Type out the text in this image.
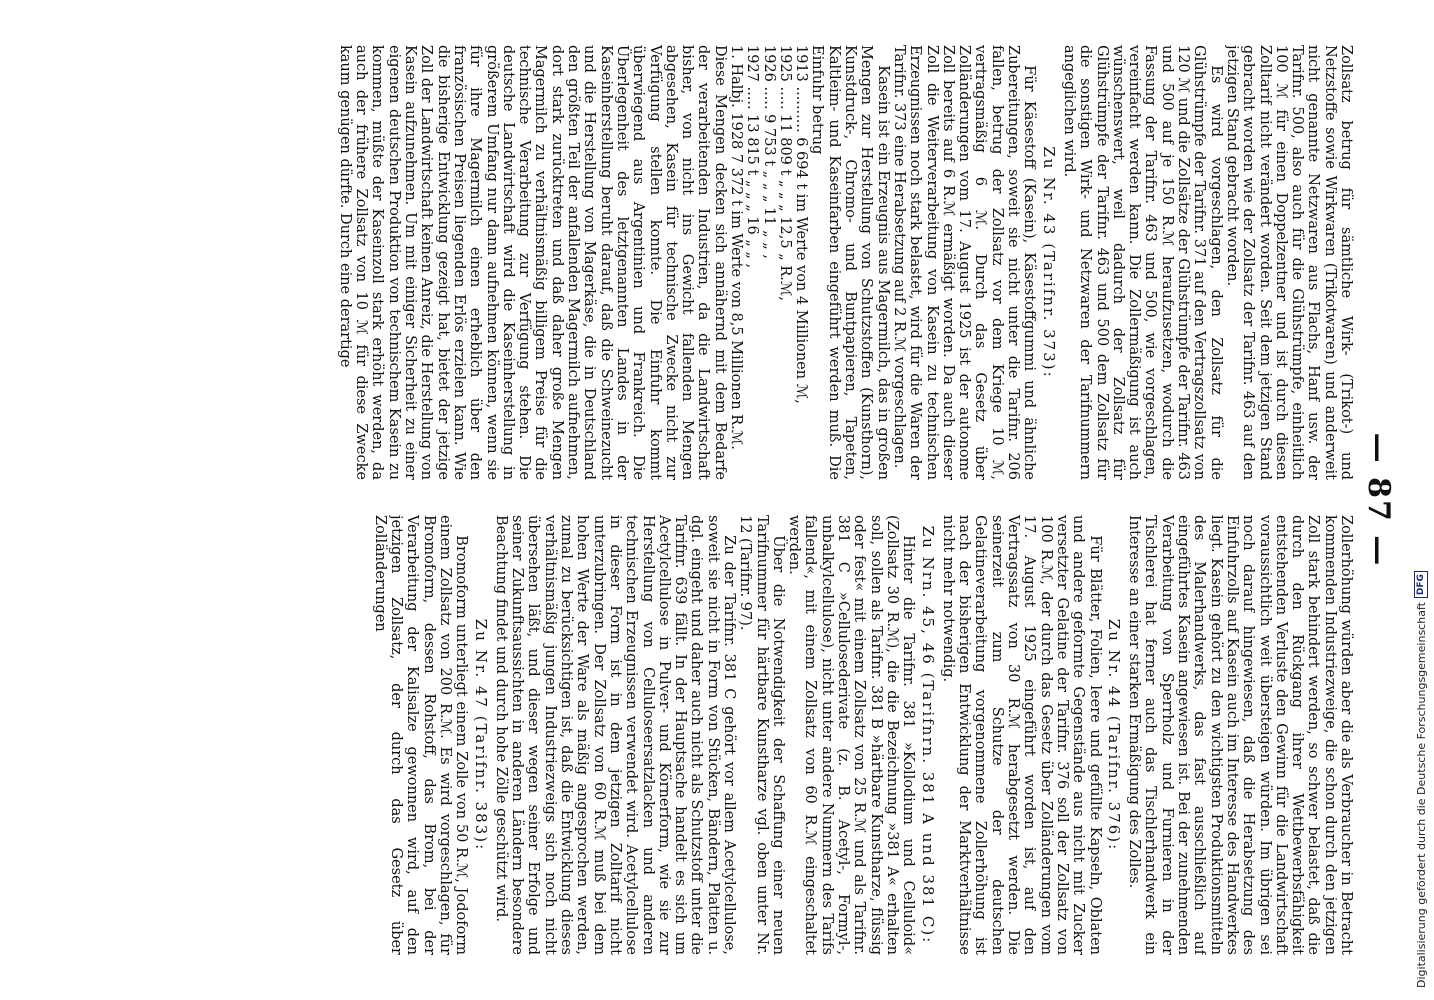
— 87 —

Zollsatz betrug für sämtliche Wirk- (Trikot-) und Netzstoffe sowie Wirkwaren (Trikotwaren) und anderweit nicht genannte Netzwaren aus Flachs, Hanf usw. der Tarifnr. 500, also auch für die Glühstrümpfe, einheitlich 100 ℳ für einen Doppelzentner und ist durch diesen Zolltarif nicht verändert worden. Seit dem jetzigen Stand gebracht worden wie der Zollsatz der Tarifnr. 463 auf den jetzigen Stand gebracht worden.

Es wird vorgeschlagen, den Zollsatz für die Glühstrümpfe der Tarifnr. 371 auf den Vertragszollsatz von 120 ℳ und die Zollsätze der Glühstrümpfe der Tarifnr. 463 und 500 auf je 150 R.ℳ heraufzusetzen, wodurch die Fassung der Tarifnr. 463 und 500, wie vorgeschlagen, vereinfacht werden kann. Die Zollermäßigung ist auch wünschenswert, weil dadurch der Zollsatz für Glühstrümpfe der Tarifnr. 463 und 500 dem Zollsatz für die sonstigen Wirk- und Netzwaren der Tarifnummern angeglichen wird.

Zu Nr. 43 (Tarifnr. 373):

Für Käsestoff (Kasein), Käsestoffgummi und ähnliche Zubereitungen, soweit sie nicht unter die Tarifnr. 206 fallen, betrug der Zollsatz vor dem Kriege 10 ℳ, vertragsmäßig 6 ℳ. Durch das Gesetz über Zolländerungen vom 17. August 1925 ist der autonome Zoll bereits auf 6 R.ℳ ermäßigt worden. Da auch dieser Zoll die Weiterverarbeitung von Kasein zu technischen Erzeugnissen noch stark belastet, wird für die Waren der Tarifnr. 373 eine Herabsetzung auf 2 R.ℳ vorgeschlagen.

Kasein ist ein Erzeugnis aus Magermilch, das in großen Mengen zur Herstellung von Schutzstoffen (Kunsthorn), Kunstdruck-, Chromo- und Buntpapieren, Tapeten, Kaltleim- und Kaseinfarben eingeführt werden muß. Die Einfuhr betrug

1913 .......... 6 694 t im Werte von 4 Millionen ℳ,
1925 ..... 11 809 t „ „ „ 12,5 „ R.ℳ,
1926 ..... 9 753 t „ „ „ 11 „ „ ,
1927 ..... 13 815 t „ „ „ 16 „ „ ,
1. Halbj. 1928 7 372 t im Werte von 8,5 Millionen R.ℳ.

Diese Mengen decken sich annähernd mit dem Bedarfe der verarbeitenden Industrien, da die Landwirtschaft bisher, von nicht ins Gewicht fallenden Mengen abgesehen, Kasein für technische Zwecke nicht zur Verfügung stellen konnte. Die Einfuhr kommt überwiegend aus Argentinien und Frankreich. Die Überlegenheit des letztgenannten Landes in der Kaseinherstellung beruht darauf, daß die Schweinezucht und die Herstellung von Magerkäse, die in Deutschland den größten Teil der anfallenden Magermilch aufnehmen, dort stark zurücktreten und daß daher große Mengen Magermilch zu verhältnismäßig billigem Preise für die technische Verarbeitung zur Verfügung stehen. Die deutsche Landwirtschaft wird die Kaseinherstellung in größerem Umfang nur dann aufnehmen können, wenn sie für ihre Magermilch einen erheblich über den französischen Preisen liegenden Erlös erzielen kann. Wie die bisherige Entwicklung gezeigt hat, bietet der jetzige Zoll der Landwirtschaft keinen Anreiz, die Herstellung von Kasein aufzunehmen. Um mit einiger Sicherheit zu einer eigenen deutschen Produktion von technischem Kasein zu kommen, müßte der Kaseinzoll stark erhöht werden, da auch der frühere Zollsatz von 10 ℳ für diese Zwecke kaum genügen dürfte. Durch eine derartige

Zollerhöhung würden aber die als Verbraucher in Betracht kommenden Industriezweige, die schon durch den jetzigen Zoll stark behindert werden, so schwer belastet, daß die durch den Rückgang ihrer Wettbewerbsfähigkeit entstehenden Verluste den Gewinn für die Landwirtschaft voraussichtlich weit übersteigen würden. Im übrigen sei noch darauf hingewiesen, daß die Herabsetzung des Einfuhrzolls auf Kasein auch im Interesse des Handwerkes liegt. Kasein gehört zu den wichtigsten Produktionsmitteln des Malerhandwerks, das fast ausschließlich auf eingeführtes Kasein angewiesen ist. Bei der zunehmenden Verarbeitung von Sperrholz und Furnieren in der Tischlerei hat ferner auch das Tischlerhandwerk ein Interesse an einer starken Ermäßigung des Zolles.

Zu Nr. 44 (Tarifnr. 376):

Für Blätter, Folien, leere und gefüllte Kapseln, Oblaten und andere geformte Gegenstände aus nicht mit Zucker versetzter Gelatine der Tarifnr. 376 soll der Zollsatz von 100 R.ℳ, der durch das Gesetz über Zolländerungen vom 17. August 1925 eingeführt worden ist, auf den Vertragssatz von 30 R.ℳ herabgesetzt werden. Die seinerzeit zum Schutze der deutschen Gelatineverarbeitung vorgenommene Zollerhöhung ist nach der bisherigen Entwicklung der Marktverhältnisse nicht mehr notwendig.

Zu Nrn. 45, 46 (Tarifnrn. 381 A und 381 C):

Hinter die Tarifnr. 381 »Kollodium und Celluloid« (Zollsatz 30 R.ℳ), die die Bezeichnung »381 A« erhalten soll, sollen als Tarifnr. 381 B »härtbare Kunstharze, flüssig oder fest« mit einem Zollsatz von 25 R.ℳ und als Tarifnr. 381 C »Cellulosederivate (z. B. Acetyl-, Formyl-, unbalkylcellulose), nicht unter andere Nummern des Tarifs fallend«, mit einem Zollsatz von 60 R.ℳ eingeschaltet werden.

Über die Notwendigkeit der Schaffung einer neuen Tarifnummer für härtbare Kunstharze vgl. oben unter Nr. 12 (Tarifnr. 97).

Zu der Tarifnr. 381 C gehört vor allem Acetylcellulose, soweit sie nicht in Form von Stücken, Bändern, Platten u. dgl. eingeht und daher auch nicht als Schutzstoff unter die Tarifnr. 639 fällt. In der Hauptsache handelt es sich um Acetylcellulose in Pulver- und Körnerform, wie sie zur Herstellung von Celluloseersatzlacken und anderen technischen Erzeugnissen verwendet wird. Acetylcellulose in dieser Form ist in dem jetzigen Zolltarif nicht unterzubringen. Der Zollsatz von 60 R.ℳ muß bei dem hohen Werte der Ware als mäßig angesprochen werden, zumal zu berücksichtigen ist, daß die Entwicklung dieses verhältnismäßig jungen Industriezweigs sich noch nicht übersehen läßt, und dieser wegen seiner Erfolge und seiner Zukunftsaussichten in anderen Ländern besondere Beachtung findet und durch hohe Zölle geschützt wird.

Zu Nr. 47 (Tarifnr. 383):

Bromoform unterliegt einem Zolle von 50 R.ℳ, Jodoform einem Zollsatz von 200 R.ℳ. Es wird vorgeschlagen, für Bromoform, dessen Rohstoff, das Brom, bei der Verarbeitung der Kalisalze gewonnen wird, auf den jetzigen Zollsatz, der durch das Gesetz über Zolländerungen

Digitalisierung gefördert durch die Deutsche Forschungsgemeinschaft
DFG
